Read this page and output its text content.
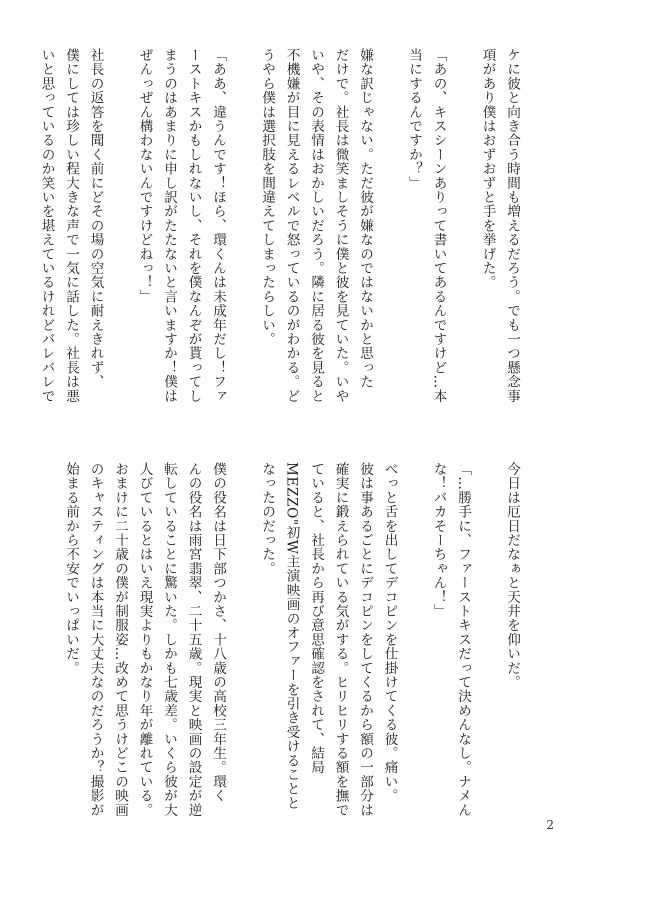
ケに彼と向き合う時間も増えるだろう。でも一つ懸念事
項があり僕はおずおずと手を挙げた。

「あの、キスシーンありって書いてあるんですけど…本
当にするんですか？」

嫌な訳じゃない。ただ彼が嫌なのではないかと思った
だけで。社長は微笑ましそうに僕と彼を見ていた。いや
いや、その表情はおかしいだろう。隣に居る彼を見ると
不機嫌が目に見えるレベルで怒っているのがわかる。ど
うやら僕は選択肢を間違えてしまったらしい。

「ああ、違うんです！ほら、環くんは未成年だし！ファ
ーストキスかもしれないし、それを僕なんぞが貰ってし
まうのはあまりに申し訳がたたないと言いますか！僕は
ぜんっぜん構わないんですけどねっ！」

社長の返答を聞く前にどその場の空気に耐えきれず、
僕にしては珍しい程大きな声で一気に話した。社長は悪
いと思っているのか笑いを堪えているけれどバレバレで
今日は厄日だなぁと天井を仰いだ。

「…勝手に、ファーストキスだって決めんなし。ナメん
な！バカそーちゃん！」

べっと舌を出してデコピンを仕掛けてくる彼。痛い。
彼は事あるごとにデコピンをしてくるから額の一部分は
確実に鍛えられている気がする。ヒリヒリする額を撫で
ていると、社長から再び意思確認をされて、結局
MEZZO"初W主演映画のオファーを引き受けることと
なったのだった。

僕の役名は日下部つかさ、十八歳の高校三年生。環く
んの役名は雨宮翡翠、二十五歳。現実と映画の設定が逆
転していることに驚いた。しかも七歳差。いくら彼が大
人びているとはいえ現実よりもかなり年が離れている。
おまけに二十歳の僕が制服姿…改めて思うけどこの映画
のキャスティングは本当に大丈夫なのだろうか？撮影が
始まる前から不安でいっぱいだ。
2
